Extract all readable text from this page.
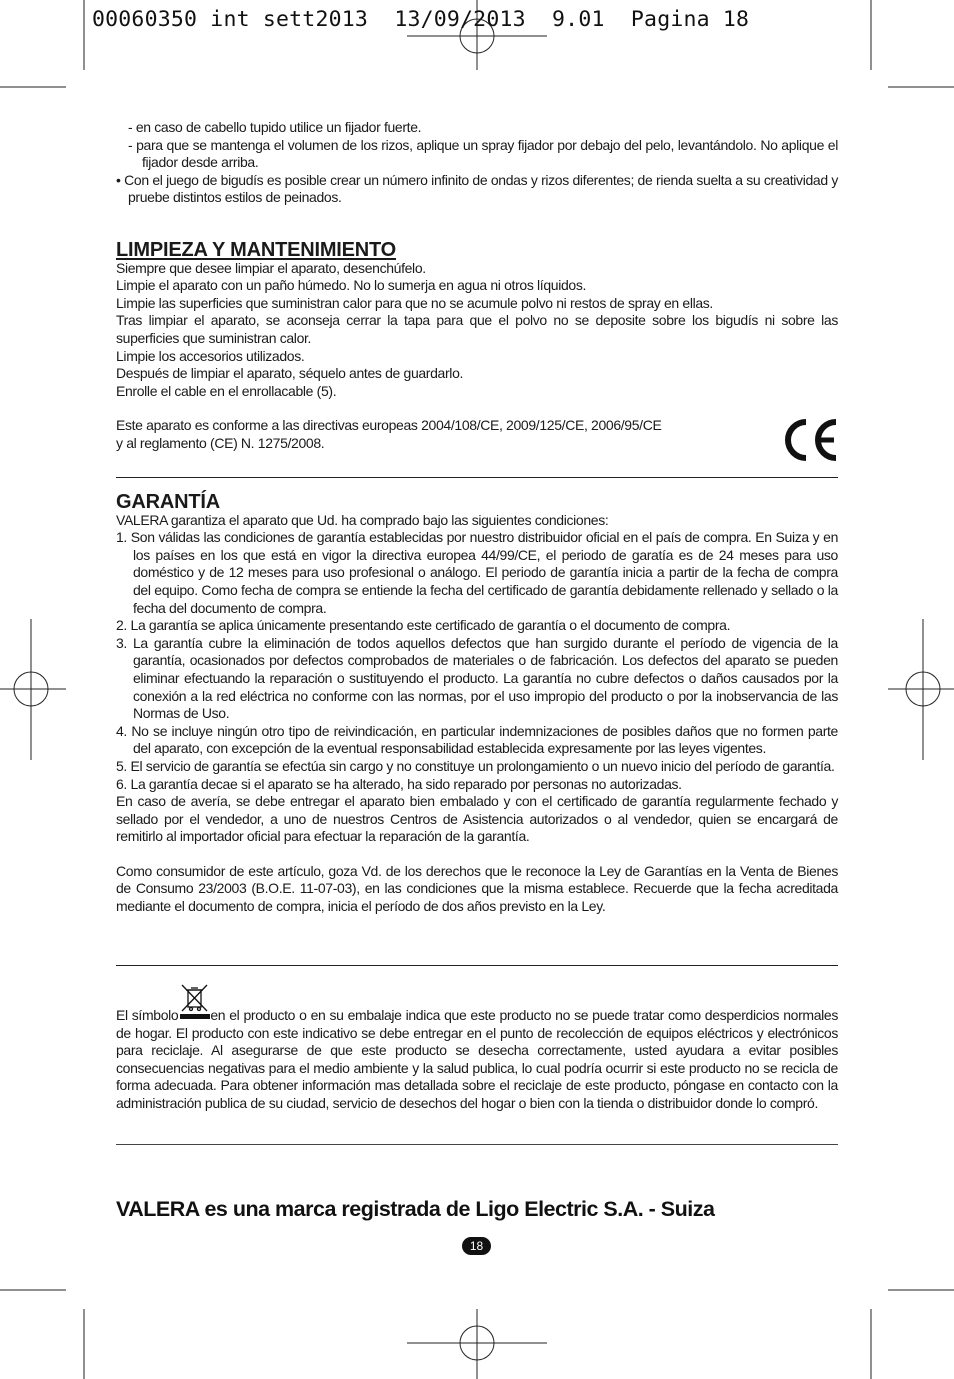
00060350 int sett2013  13/09/2013  9.01  Pagina 18

- en caso de cabello tupido utilice un fijador fuerte.

- para que se mantenga el volumen de los rizos, aplique un spray fijador por debajo del pelo, levantándolo. No aplique el fijador desde arriba.

• Con el juego de bigudís es posible crear un número infinito de ondas y rizos diferentes; de rienda suelta a su creatividad y pruebe distintos estilos de peinados.

LIMPIEZA Y MANTENIMIENTO

Siempre que desee limpiar el aparato, desenchúfelo.

Limpie el aparato con un paño húmedo. No lo sumerja en agua ni otros líquidos.

Limpie las superficies que suministran calor para que no se acumule polvo ni restos de spray en ellas.

Tras limpiar el aparato, se aconseja cerrar la tapa para que el polvo no se deposite sobre los bigudís ni sobre las superficies que suministran calor.

Limpie los accesorios utilizados.

Después de limpiar el aparato, séquelo antes de guardarlo.

Enrolle el cable en el enrollacable (5).

Este aparato es conforme a las directivas europeas 2004/108/CE, 2009/125/CE, 2006/95/CE

y al reglamento (CE) N. 1275/2008.

GARANTÍA

VALERA garantiza el aparato que Ud. ha comprado bajo las siguientes condiciones:

1. Son válidas las condiciones de garantía establecidas por nuestro distribuidor oficial en el país de compra. En Suiza y en los países en los que está en vigor la directiva europea 44/99/CE, el periodo de garatía es de 24 meses para uso doméstico y de 12 meses para uso profesional o análogo. El periodo de garantía inicia a partir de la fecha de compra del equipo. Como fecha de compra se entiende la fecha del certificado de garantía debidamente rellenado y sellado o la fecha del documento de compra.

2. La garantía se aplica únicamente presentando este certificado de garantía o el documento de compra.

3. La garantía cubre la eliminación de todos aquellos defectos que han surgido durante el período de vigencia de la garantía, ocasionados por defectos comprobados de materiales o de fabricación. Los defectos del aparato se pueden eliminar efectuando la reparación o sustituyendo el producto. La garantía no cubre defectos o daños causados por la conexión a la red eléctrica no conforme con las normas, por el uso impropio del producto o por la inobservancia de las Normas de Uso.

4. No se incluye ningún otro tipo de reivindicación, en particular indemnizaciones de posibles daños que no formen parte del aparato, con excepción de la eventual responsabilidad establecida expresamente por las leyes vigentes.

5. El servicio de garantía se efectúa sin cargo y no constituye un prolongamiento o un nuevo inicio del período de garantía.

6. La garantía decae si el aparato se ha alterado, ha sido reparado por personas no autorizadas.

En caso de avería, se debe entregar el aparato bien embalado y con el certificado de garantía regularmente fechado y sellado por el vendedor, a uno de nuestros Centros de Asistencia autorizados o al vendedor, quien se encargará de remitirlo al importador oficial para efectuar la reparación de la garantía.

Como consumidor de este artículo, goza Vd. de los derechos que le reconoce la Ley de Garantías en la Venta de Bienes de Consumo 23/2003 (B.O.E. 11-07-03), en las condiciones que la misma establece. Recuerde que la fecha acreditada mediante el documento de compra, inicia el período de dos años previsto en la Ley.

El símbolo en el producto o en su embalaje indica que este producto no se puede tratar como desperdicios normales de hogar. El producto con este indicativo se debe entregar en el punto de recolección de equipos eléctricos y electrónicos para reciclaje. Al asegurarse de que este producto se desecha correctamente, usted ayudara a evitar posibles consecuencias negativas para el medio ambiente y la salud publica, lo cual podría ocurrir si este producto no se recicla de forma adecuada. Para obtener información mas detallada sobre el reciclaje de este producto, póngase en contacto con la administración publica de su ciudad, servicio de desechos del hogar o bien con la tienda o distribuidor donde lo compró.

VALERA es una marca registrada de Ligo Electric S.A. - Suiza
18
